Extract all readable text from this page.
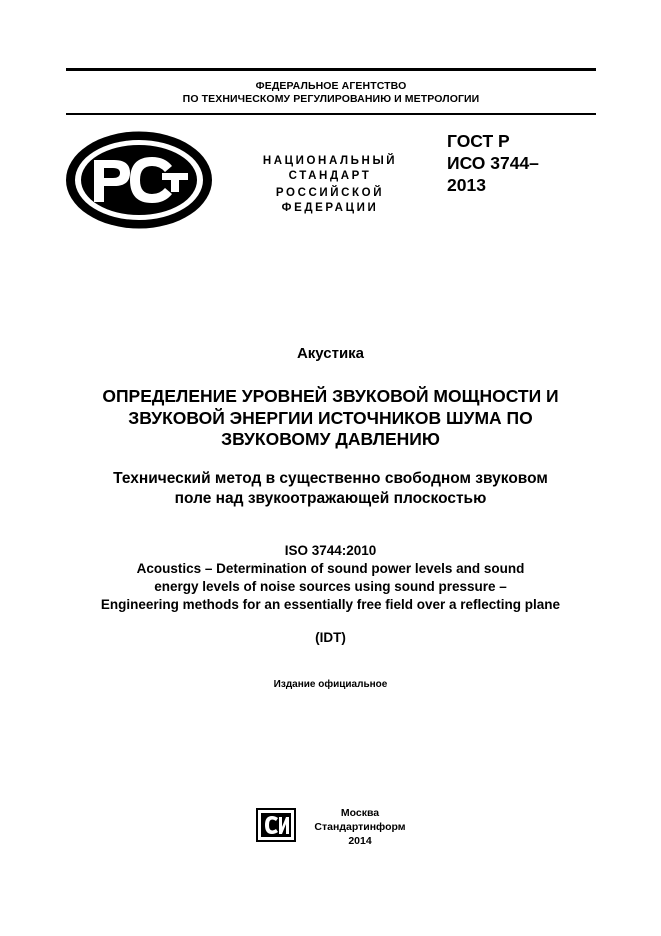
ФЕДЕРАЛЬНОЕ АГЕНТСТВО
ПО ТЕХНИЧЕСКОМУ РЕГУЛИРОВАНИЮ И МЕТРОЛОГИИ
НАЦИОНАЛЬНЫЙ
СТАНДАРТ
РОССИЙСКОЙ
ФЕДЕРАЦИИ
ГОСТ Р
ИСО 3744–
2013
Акустика
ОПРЕДЕЛЕНИЕ УРОВНЕЙ ЗВУКОВОЙ МОЩНОСТИ И
ЗВУКОВОЙ ЭНЕРГИИ ИСТОЧНИКОВ ШУМА ПО
ЗВУКОВОМУ ДАВЛЕНИЮ
Технический метод в существенно свободном звуковом
поле над звукоотражающей плоскостью
ISO 3744:2010
Acoustics – Determination of sound power levels and sound
energy levels of noise sources using sound pressure –
Engineering methods for an essentially free field over a reflecting plane
(IDT)
Издание официальное
Москва
Стандартинформ
2014
